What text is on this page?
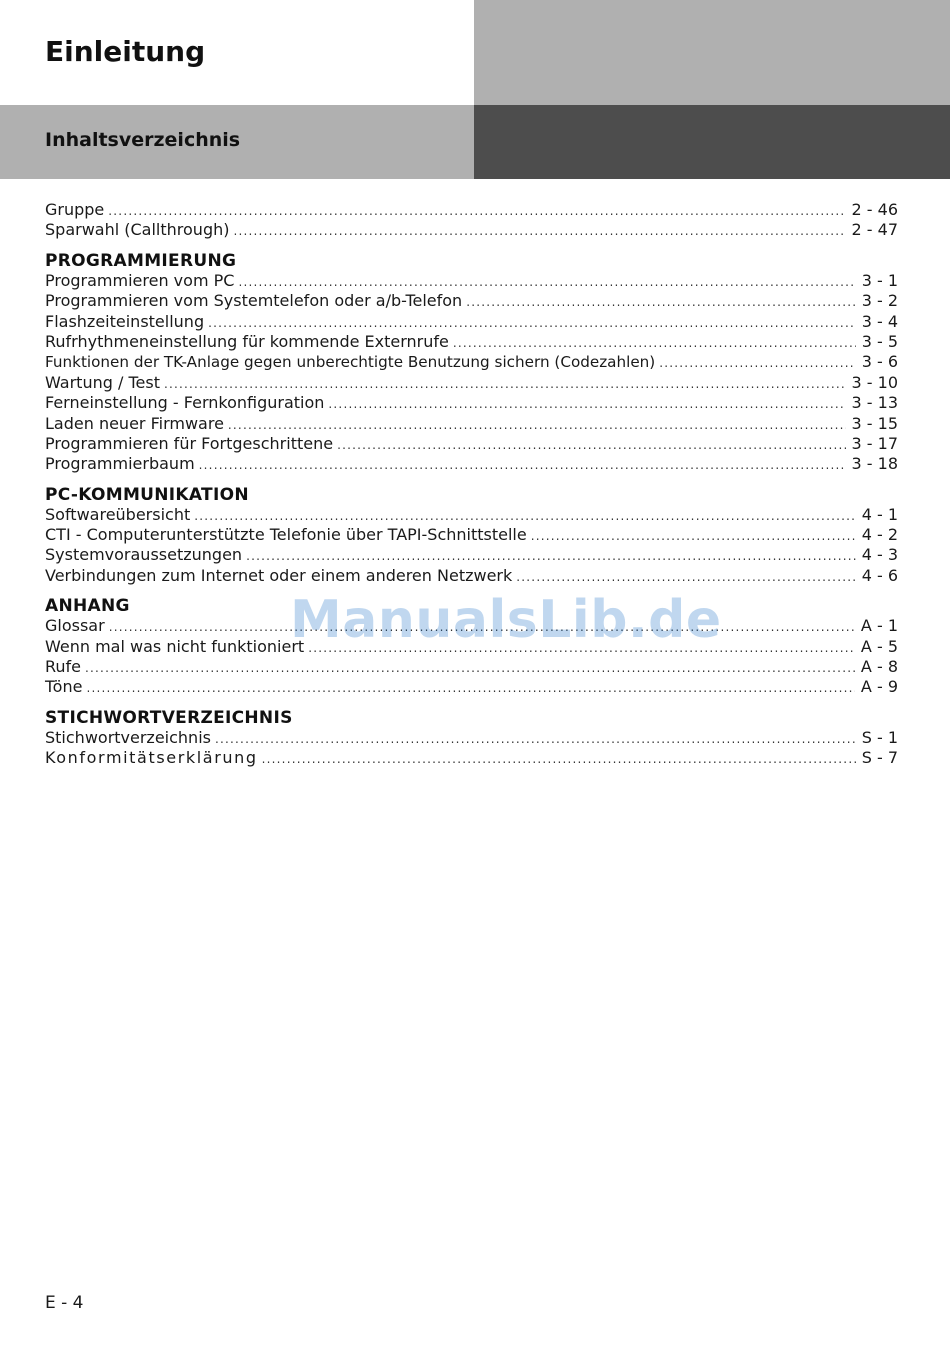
Einleitung
Inhaltsverzeichnis
Gruppe .....	2 - 46
Sparwahl (Callthrough) .....	2 - 47
PROGRAMMIERUNG
Programmieren vom PC .....	3 - 1
Programmieren vom Systemtelefon oder a/b-Telefon .....	3 - 2
Flashzeiteinstellung .....	3 - 4
Rufrhythmeneinstellung für kommende Externrufe .....	3 - 5
Funktionen der TK-Anlage gegen unberechtigte Benutzung sichern (Codezahlen) .....	3 - 6
Wartung / Test .....	3 - 10
Ferneinstellung - Fernkonfiguration .....	3 - 13
Laden neuer Firmware .....	3 - 15
Programmieren für Fortgeschrittene .....	3 - 17
Programmierbaum .....	3 - 18
PC-KOMMUNIKATION
Softwareübersicht .....	4 - 1
CTI - Computerunterstützte Telefonie über TAPI-Schnittstelle .....	4 - 2
Systemvoraussetzungen .....	4 - 3
Verbindungen zum Internet oder einem anderen Netzwerk .....	4 - 6
ANHANG
Glossar .....	A - 1
Wenn mal was nicht funktioniert .....	A - 5
Rufe .....	A - 8
Töne .....	A - 9
STICHWORTVERZEICHNIS
Stichwortverzeichnis .....	S - 1
Konformitätserklärung .....	S - 7
ManualsLib.de
E - 4
